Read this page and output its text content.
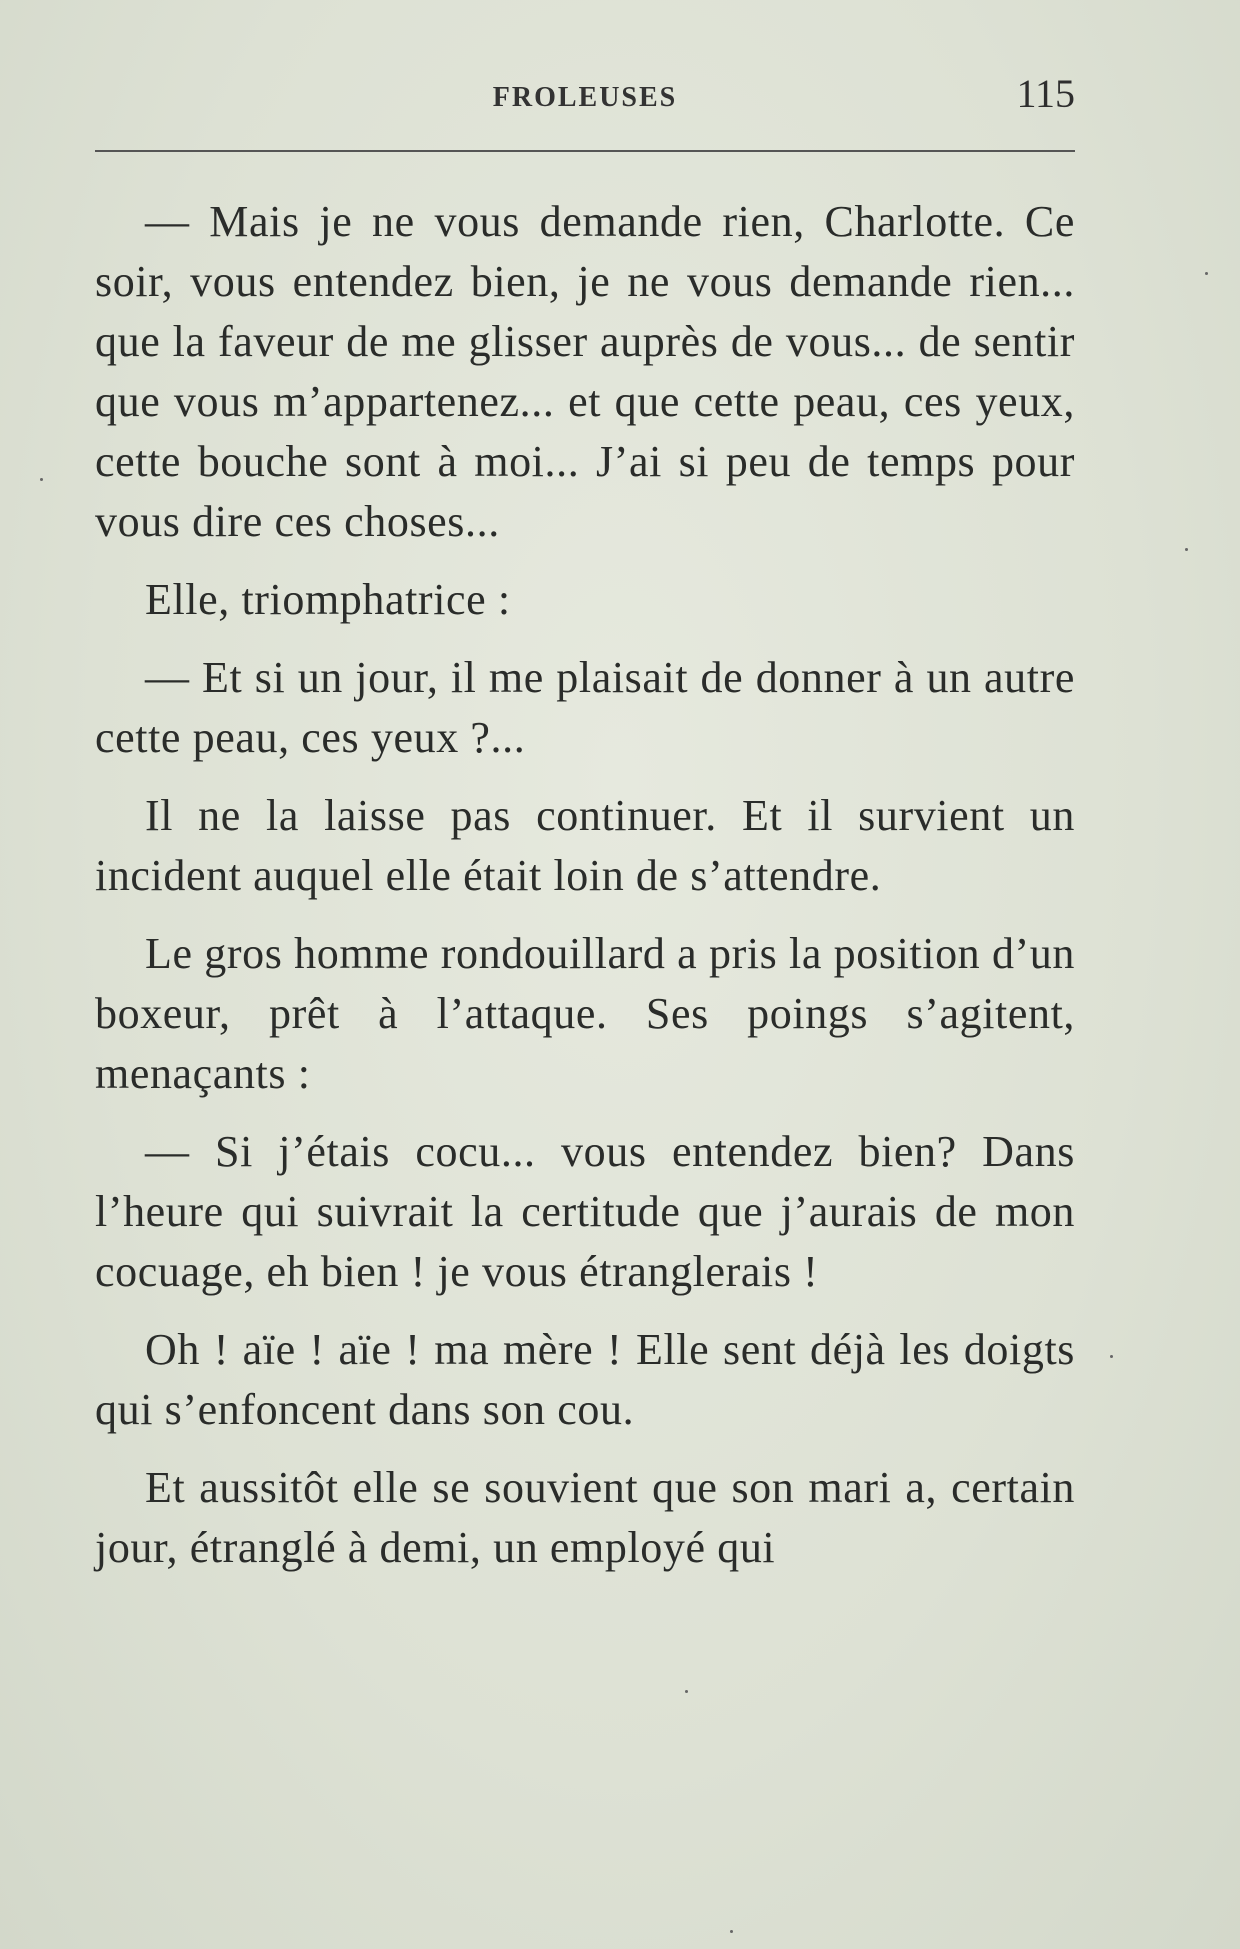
FROLEUSES	115

— Mais je ne vous demande rien, Charlotte. Ce soir, vous entendez bien, je ne vous demande rien... que la faveur de me glisser auprès de vous... de sentir que vous m’appartenez... et que cette peau, ces yeux, cette bouche sont à moi... J’ai si peu de temps pour vous dire ces choses...

Elle, triomphatrice :

— Et si un jour, il me plaisait de donner à un autre cette peau, ces yeux ?...

Il ne la laisse pas continuer. Et il survient un incident auquel elle était loin de s’attendre.

Le gros homme rondouillard a pris la position d’un boxeur, prêt à l’attaque. Ses poings s’agitent, menaçants :

— Si j’étais cocu... vous entendez bien? Dans l’heure qui suivrait la certitude que j’aurais de mon cocuage, eh bien ! je vous étranglerais !

Oh ! aïe ! aïe ! ma mère ! Elle sent déjà les doigts qui s’enfoncent dans son cou.

Et aussitôt elle se souvient que son mari a, certain jour, étranglé à demi, un employé qui
